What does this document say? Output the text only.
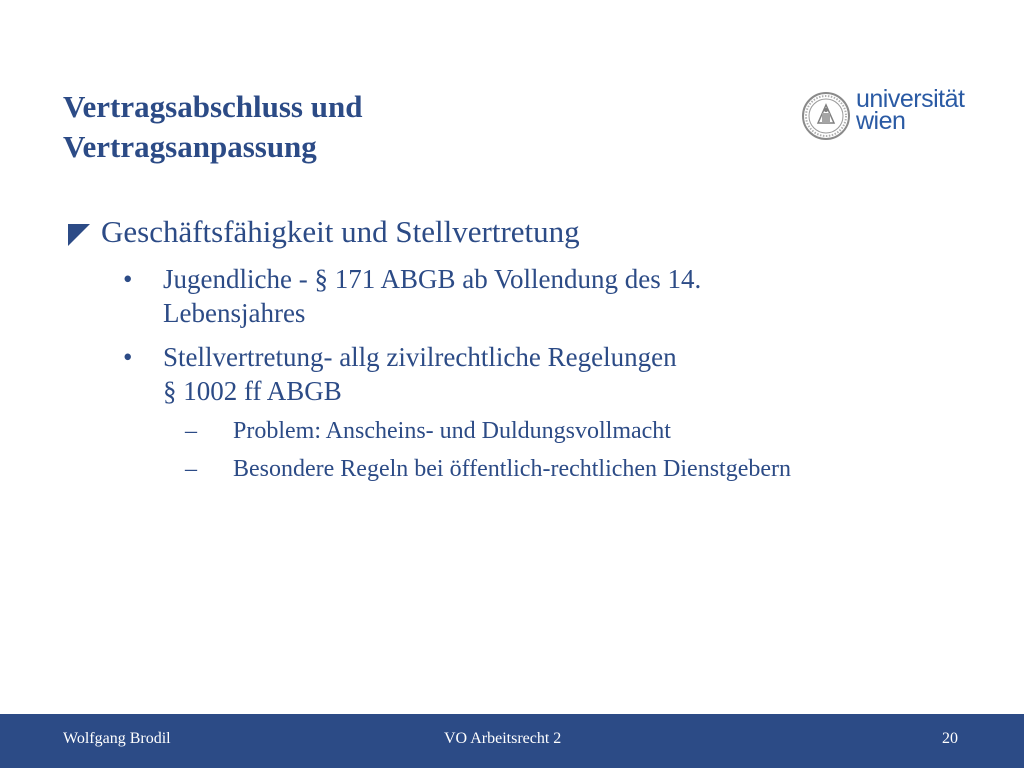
Vertragsabschluss und
Vertragsanpassung
universität
wien
Geschäftsfähigkeit und Stellvertretung
• Jugendliche - § 171 ABGB ab Vollendung des 14.
Lebensjahres
• Stellvertretung- allg zivilrechtliche Regelungen
§ 1002 ff ABGB
– Problem: Anscheins- und Duldungsvollmacht
– Besondere Regeln bei öffentlich-rechtlichen Dienstgebern
Wolfgang Brodil	VO Arbeitsrecht 2	20
